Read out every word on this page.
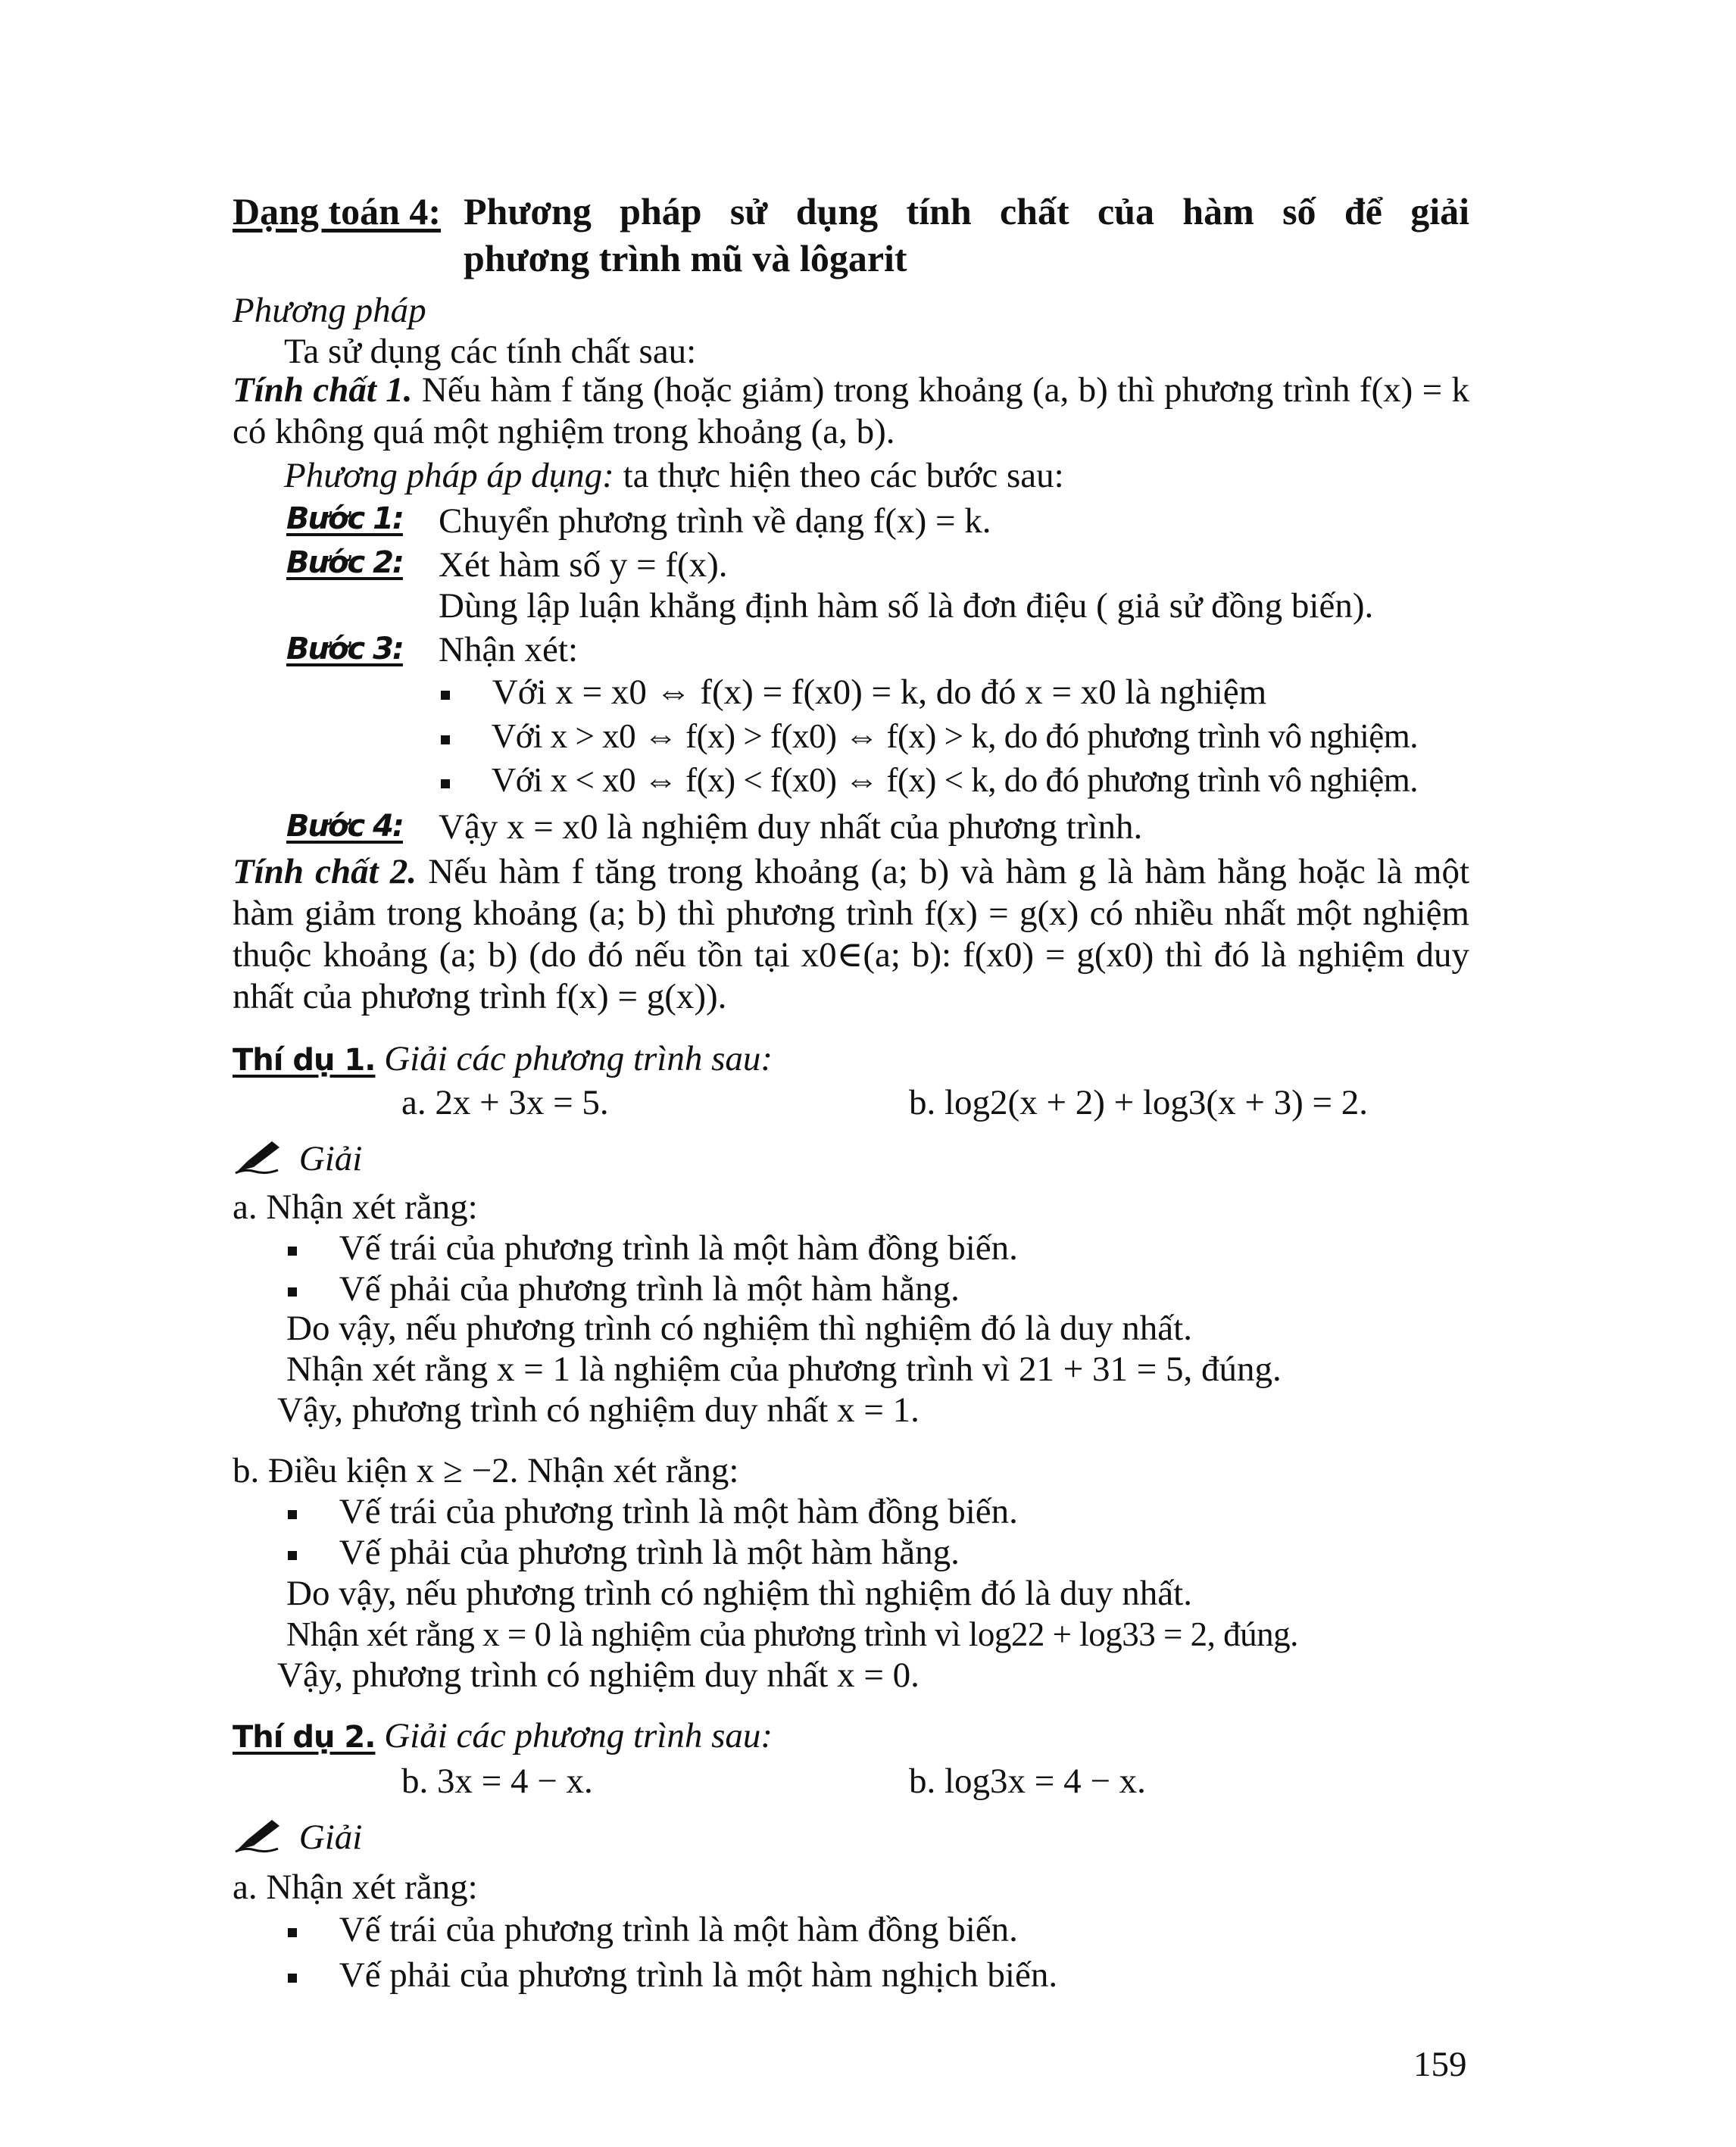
Dạng toán 4: Phương pháp sử dụng tính chất của hàm số để giải
phương trình mũ và lôgarit
Phương pháp
Ta sử dụng các tính chất sau:
Tính chất 1. Nếu hàm f tăng (hoặc giảm) trong khoảng (a, b) thì phương trình f(x) = k có không quá một nghiệm trong khoảng (a, b).
Phương pháp áp dụng: ta thực hiện theo các bước sau:
Bước 1: Chuyển phương trình về dạng f(x) = k.
Bước 2: Xét hàm số y = f(x).
Dùng lập luận khẳng định hàm số là đơn điệu ( giả sử đồng biến).
Bước 3: Nhận xét:
Với x = x0 ⇔ f(x) = f(x0) = k, do đó x = x0 là nghiệm
Với x > x0 ⇔ f(x) > f(x0) ⇔ f(x) > k, do đó phương trình vô nghiệm.
Với x < x0 ⇔ f(x) < f(x0) ⇔ f(x) < k, do đó phương trình vô nghiệm.
Bước 4: Vậy x = x0 là nghiệm duy nhất của phương trình.
Tính chất 2. Nếu hàm f tăng trong khoảng (a; b) và hàm g là hàm hằng hoặc là một hàm giảm trong khoảng (a; b) thì phương trình f(x) = g(x) có nhiều nhất một nghiệm thuộc khoảng (a; b) (do đó nếu tồn tại x0∈(a; b): f(x0) = g(x0) thì đó là nghiệm duy nhất của phương trình f(x) = g(x)).
Thí dụ 1. Giải các phương trình sau:
a. 2x + 3x = 5.	b. log2(x + 2) + log3(x + 3) = 2.
Giải
a. Nhận xét rằng:
Vế trái của phương trình là một hàm đồng biến.
Vế phải của phương trình là một hàm hằng.
Do vậy, nếu phương trình có nghiệm thì nghiệm đó là duy nhất.
Nhận xét rằng x = 1 là nghiệm của phương trình vì 21 + 31 = 5, đúng.
Vậy, phương trình có nghiệm duy nhất x = 1.
b. Điều kiện x ≥ −2. Nhận xét rằng:
Vế trái của phương trình là một hàm đồng biến.
Vế phải của phương trình là một hàm hằng.
Do vậy, nếu phương trình có nghiệm thì nghiệm đó là duy nhất.
Nhận xét rằng x = 0 là nghiệm của phương trình vì log22 + log33 = 2, đúng.
Vậy, phương trình có nghiệm duy nhất x = 0.
Thí dụ 2. Giải các phương trình sau:
b. 3x = 4 − x.	b. log3x = 4 − x.
Giải
a. Nhận xét rằng:
Vế trái của phương trình là một hàm đồng biến.
Vế phải của phương trình là một hàm nghịch biến.
159
